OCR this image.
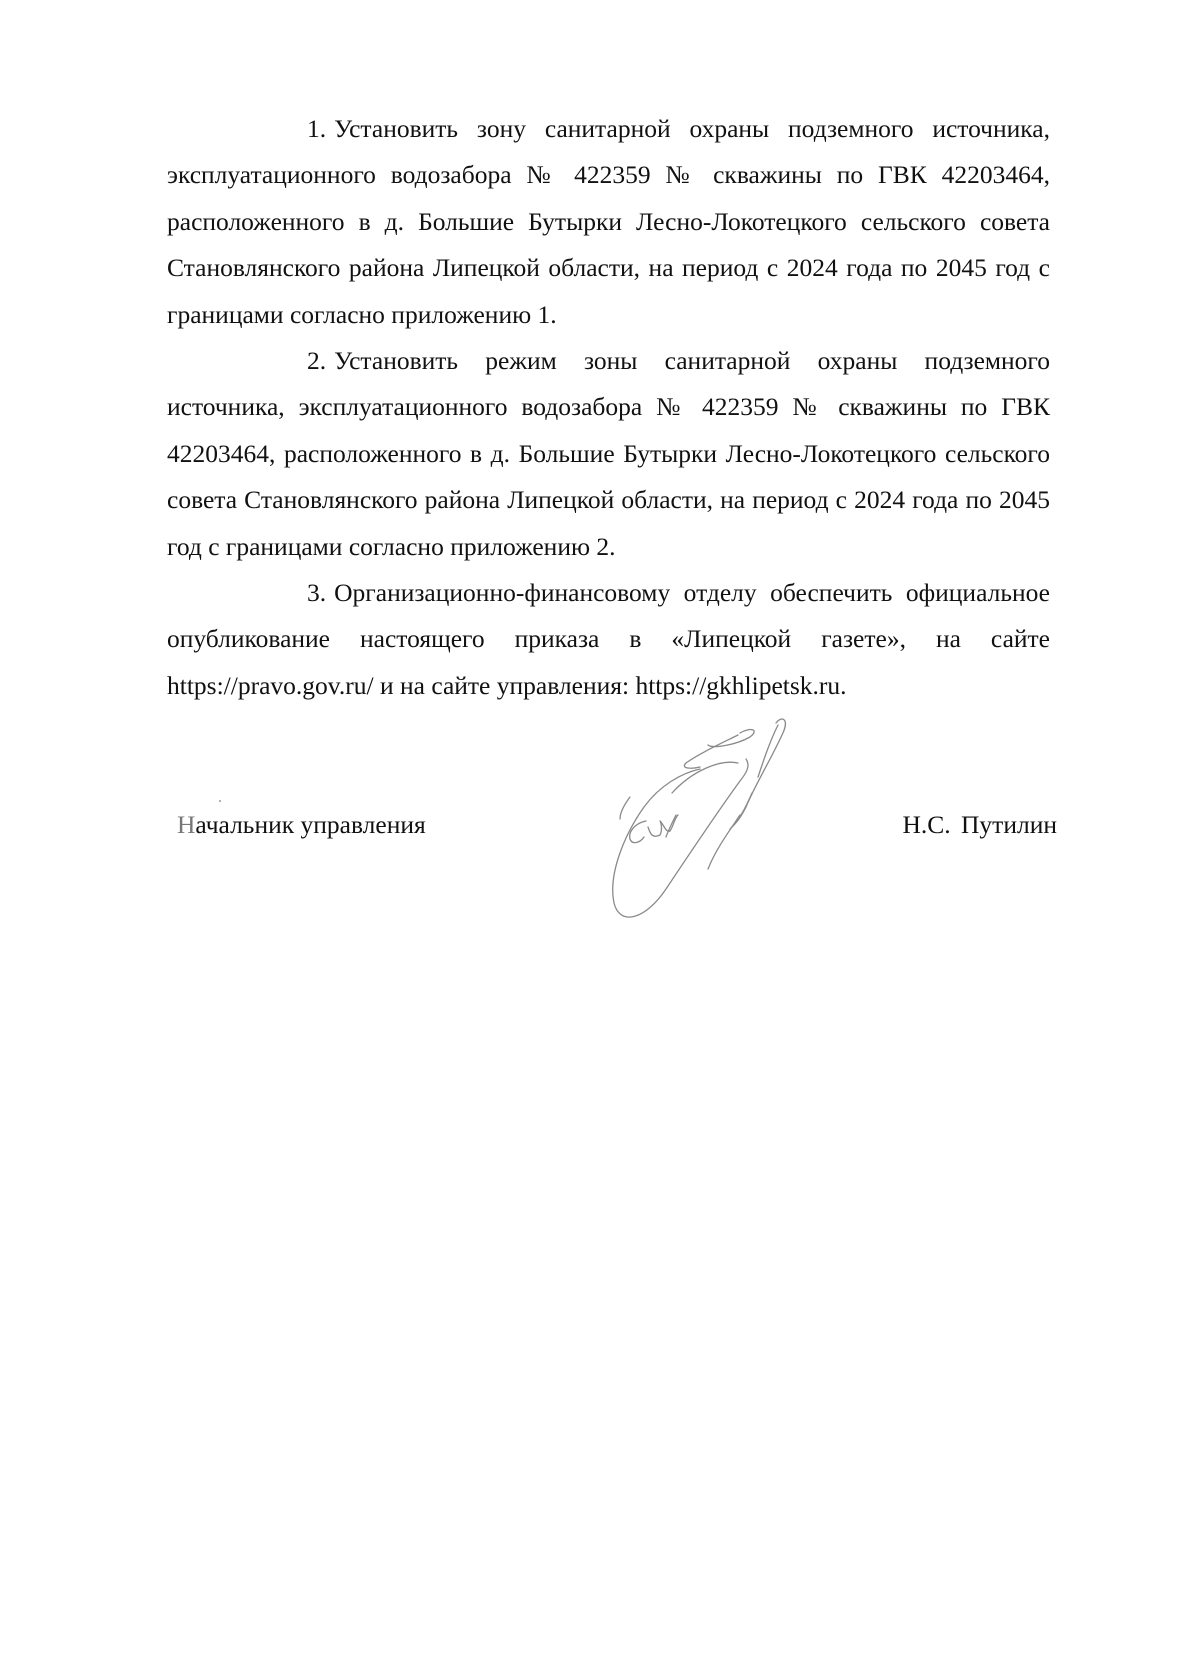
1. Установить зону санитарной охраны подземного источника, эксплуатационного водозабора № 422359 № скважины по ГВК 42203464, расположенного в д. Большие Бутырки Лесно-Локотецкого сельского совета Становлянского района Липецкой области, на период с 2024 года по 2045 год с границами согласно приложению 1.

2. Установить режим зоны санитарной охраны подземного источника, эксплуатационного водозабора № 422359 № скважины по ГВК 42203464, расположенного в д. Большие Бутырки Лесно-Локотецкого сельского совета Становлянского района Липецкой области, на период с 2024 года по 2045 год с границами согласно приложению 2.

3. Организационно-финансовому отделу обеспечить официальное опубликование настоящего приказа в «Липецкой газете», на сайте https://pravo.gov.ru/ и на сайте управления: https://gkhlipetsk.ru.

Начальник управления	Н.С. Путилин
